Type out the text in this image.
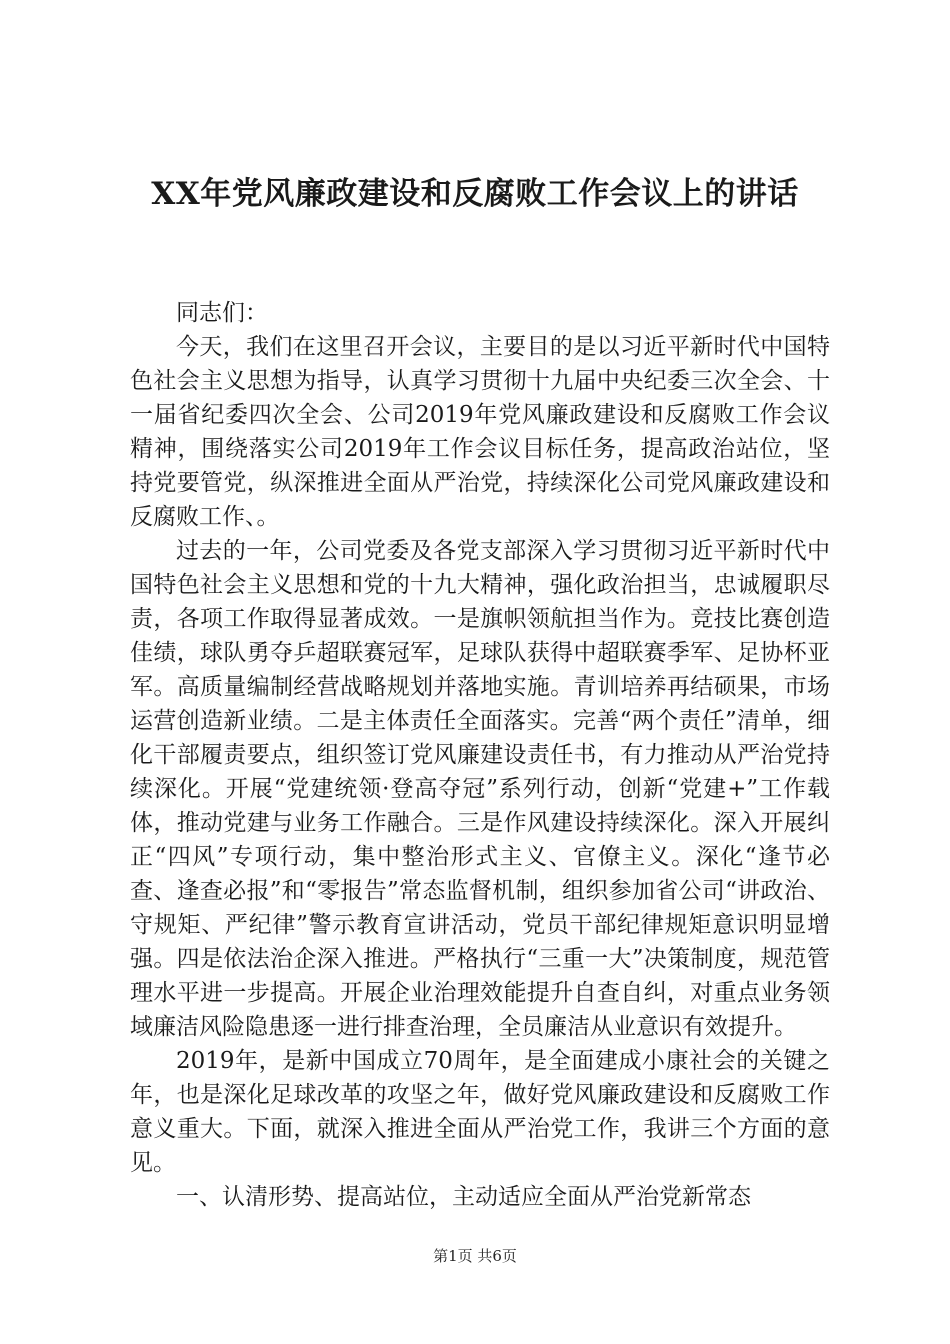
XX年党风廉政建设和反腐败工作会议上的讲话

同志们：

今天，我们在这里召开会议，主要目的是以习近平新时代中国特色社会主义思想为指导，认真学习贯彻十九届中央纪委三次全会、十一届省纪委四次全会、公司2019年党风廉政建设和反腐败工作会议精神，围绕落实公司2019年工作会议目标任务，提高政治站位，坚持党要管党，纵深推进全面从严治党，持续深化公司党风廉政建设和反腐败工作、。

过去的一年，公司党委及各党支部深入学习贯彻习近平新时代中国特色社会主义思想和党的十九大精神，强化政治担当，忠诚履职尽责，各项工作取得显著成效。一是旗帜领航担当作为。竞技比赛创造佳绩，球队勇夺乒超联赛冠军，足球队获得中超联赛季军、足协杯亚军。高质量编制经营战略规划并落地实施。青训培养再结硕果，市场运营创造新业绩。二是主体责任全面落实。完善“两个责任”清单，细化干部履责要点，组织签订党风廉建设责任书，有力推动从严治党持续深化。开展“党建统领·登高夺冠”系列行动，创新“党建+”工作载体，推动党建与业务工作融合。三是作风建设持续深化。深入开展纠正“四风”专项行动，集中整治形式主义、官僚主义。深化“逢节必查、逢查必报”和“零报告”常态监督机制，组织参加省公司“讲政治、守规矩、严纪律”警示教育宣讲活动，党员干部纪律规矩意识明显增强。四是依法治企深入推进。严格执行“三重一大”决策制度，规范管理水平进一步提高。开展企业治理效能提升自查自纠，对重点业务领域廉洁风险隐患逐一进行排查治理，全员廉洁从业意识有效提升。

2019年，是新中国成立70周年，是全面建成小康社会的关键之年，也是深化足球改革的攻坚之年，做好党风廉政建设和反腐败工作意义重大。下面，就深入推进全面从严治党工作，我讲三个方面的意见。

一、认清形势、提高站位，主动适应全面从严治党新常态

第1页 共6页
